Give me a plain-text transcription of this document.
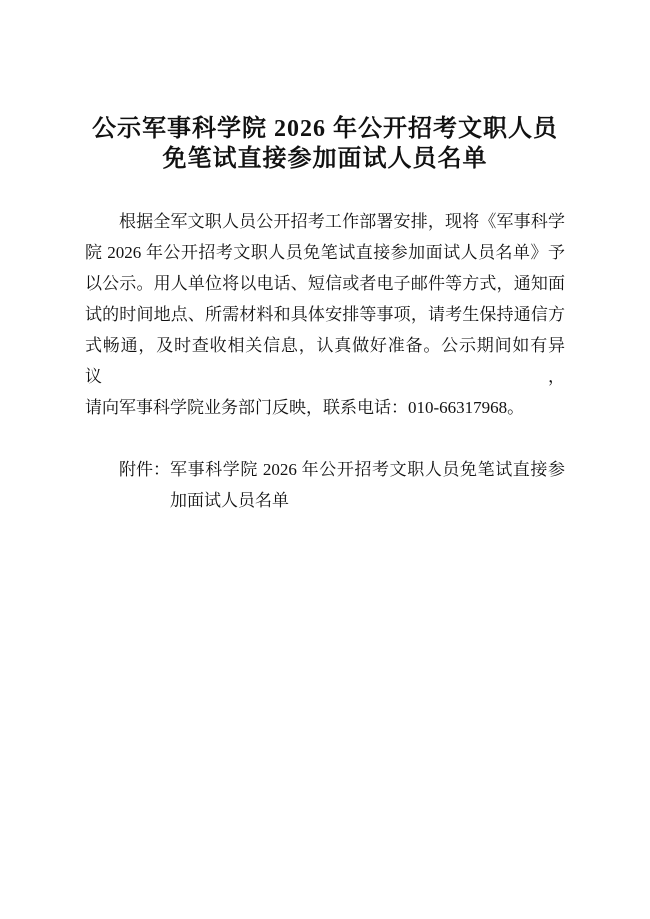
公示军事科学院 2026 年公开招考文职人员
免笔试直接参加面试人员名单
根据全军文职人员公开招考工作部署安排，现将《军事科学
院 2026 年公开招考文职人员免笔试直接参加面试人员名单》予
以公示。用人单位将以电话、短信或者电子邮件等方式，通知面
试的时间地点、所需材料和具体安排等事项，请考生保持通信方
式畅通，及时查收相关信息，认真做好准备。公示期间如有异议，
请向军事科学院业务部门反映，联系电话：010-66317968。
附件： 军事科学院 2026 年公开招考文职人员免笔试直接参
加面试人员名单
